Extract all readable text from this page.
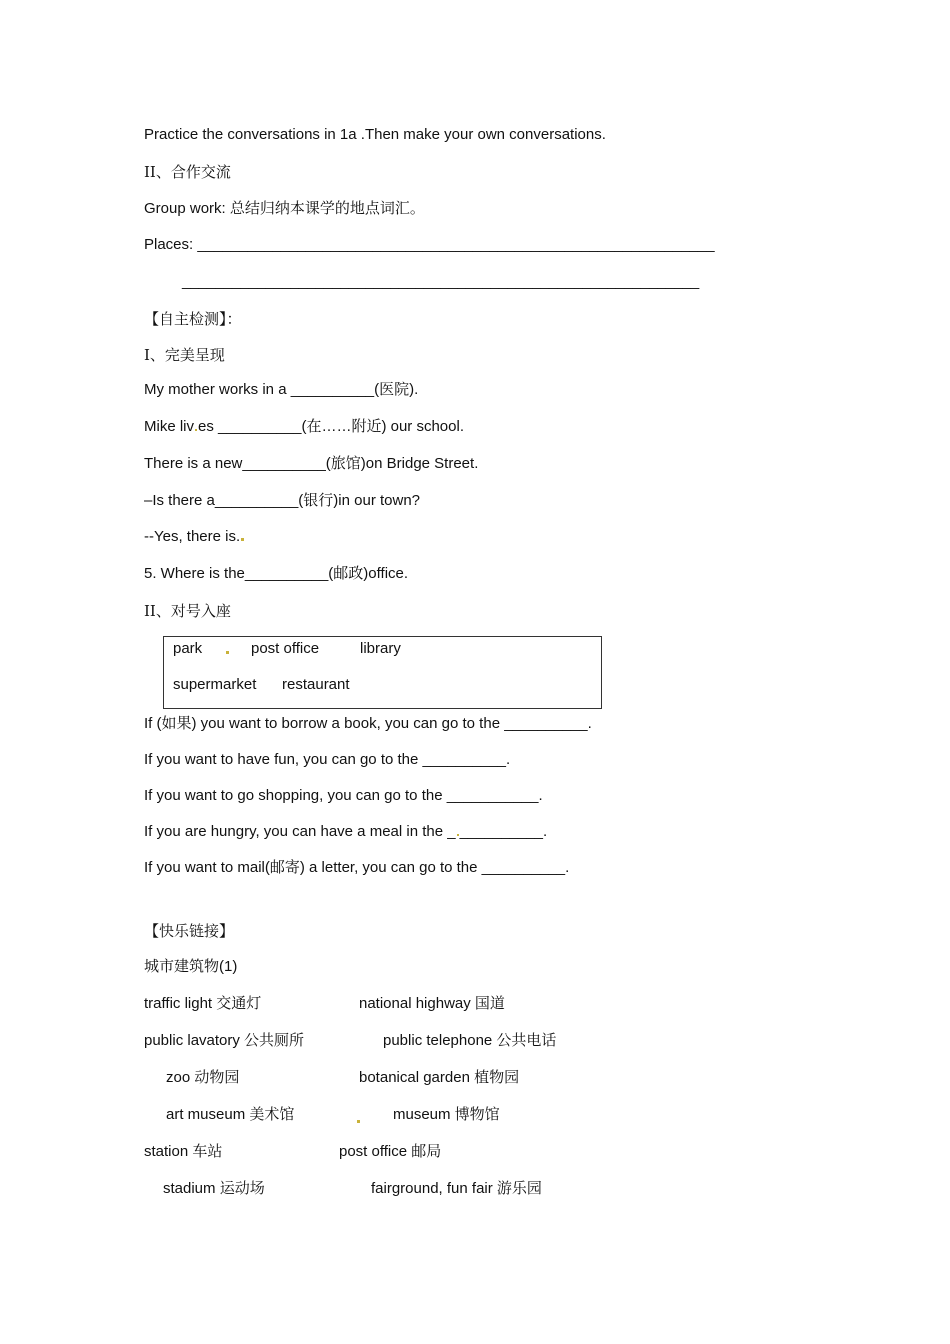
Practice the conversations in 1a .Then make your own conversations.
II、合作交流
Group work: 总结归纳本课学的地点词汇。
Places: ______________________________________________________________
______________________________________________________________
【自主检测】：
Ⅰ、完美呈现
My mother works in a __________(医院).
Mike liv es __________(在……附近) our school.
There is a new__________(旅馆)on Bridge Street.
–Is there a__________(银行)in our town?
--Yes, there is.
5. Where is the__________(邮政)office.
II、对号入座
park	post office	library
supermarket restaurant
If (如果) you want to borrow a book, you can go to the __________.
If you want to have fun, you can go to the __________.
If you want to go shopping, you can go to the ___________.
If you are hungry, you can have a meal in the _ __________.
If you want to mail(邮寄) a letter, you can go to the __________.
【快乐链接】
城市建筑物(1)
traffic light 交通灯	national highway 国道
public lavatory 公共厕所	public telephone 公共电话
zoo 动物园	botanical garden 植物园
art museum 美术馆	museum 博物馆
station 车站	post office 邮局
stadium 运动场	fairground, fun fair 游乐园
